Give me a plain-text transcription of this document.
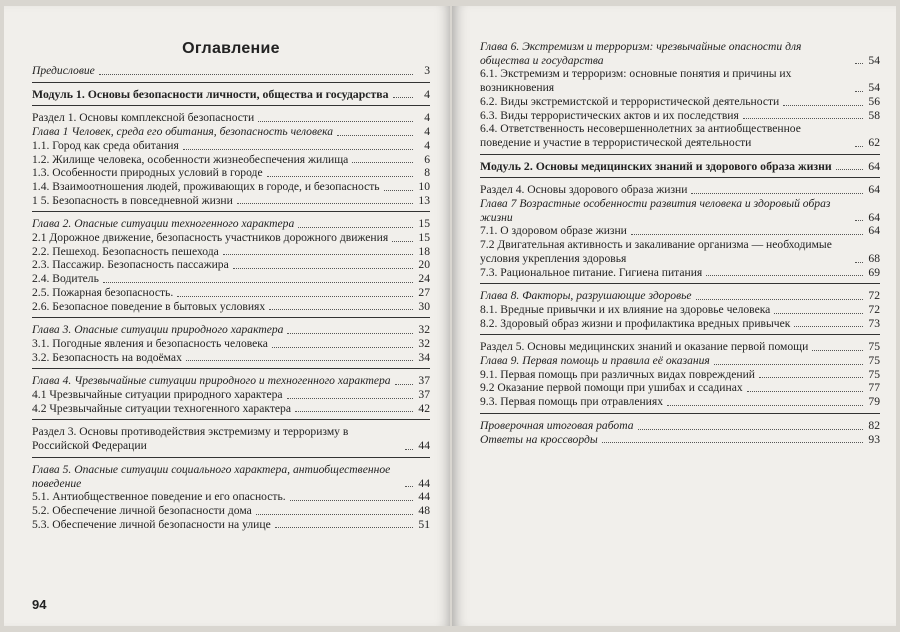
Оглавление
Предисловие	3
Модуль 1. Основы безопасности личности, общества и государства	4
Раздел 1. Основы комплексной безопасности	4
Глава 1 Человек, среда его обитания, безопасность человека	4
1.1. Город как среда обитания	4
1.2. Жилище человека, особенности жизнеобеспечения жилища	6
1.3. Особенности природных условий в городе	8
1.4. Взаимоотношения людей, проживающих в городе, и безопасность	10
1 5. Безопасность в повседневной жизни	13
Глава 2. Опасные ситуации техногенного характера	15
2.1 Дорожное движение, безопасность участников дорожного движения	15
2.2. Пешеход. Безопасность пешехода	18
2.3. Пассажир. Безопасность пассажира	20
2.4. Водитель	24
2.5. Пожарная безопасность.	27
2.6. Безопасное поведение в бытовых условиях	30
Глава 3. Опасные ситуации природного характера	32
3.1. Погодные явления и безопасность человека	32
3.2. Безопасность на водоёмах	34
Глава 4. Чрезвычайные ситуации природного и техногенного характера 37
4.1 Чрезвычайные ситуации природного характера	37
4.2 Чрезвычайные ситуации техногенного характера	42
Раздел 3. Основы противодействия экстремизму и терроризму в Российской Федерации	44
Глава 5. Опасные ситуации социального характера, антиобщественное поведение	44
5.1. Антиобщественное поведение и его опасность.	44
5.2. Обеспечение личной безопасности дома	48
5.3. Обеспечение личной безопасности на улице	51
94
Глава 6. Экстремизм и терроризм: чрезвычайные опасности для общества и государства	54
6.1. Экстремизм и терроризм: основные понятия и причины их возникновения	54
6.2. Виды экстремистской и террористической деятельности	56
6.3. Виды террористических актов и их последствия	58
6.4. Ответственность несовершеннолетних за антиобщественное поведение и участие в террористической деятельности	62
Модуль 2. Основы медицинских знаний и здорового образа жизни	64
Раздел 4. Основы здорового образа жизни	64
Глава 7 Возрастные особенности развития человека и здоровый образ жизни	64
7.1. О здоровом образе жизни	64
7.2 Двигательная активность и закаливание организма — необходимые условия укрепления здоровья	68
7.3. Рациональное питание. Гигиена питания	69
Глава 8. Факторы, разрушающие здоровье	72
8.1. Вредные привычки и их влияние на здоровье человека	72
8.2. Здоровый образ жизни и профилактика вредных привычек	73
Раздел 5. Основы медицинских знаний и оказание первой помощи	75
Глава 9. Первая помощь и правила её оказания	75
9.1. Первая помощь при различных видах повреждений	75
9.2 Оказание первой помощи при ушибах и ссадинах	77
9.3. Первая помощь при отравлениях	79
Проверочная итоговая работа	82
Ответы на кроссворды	93
